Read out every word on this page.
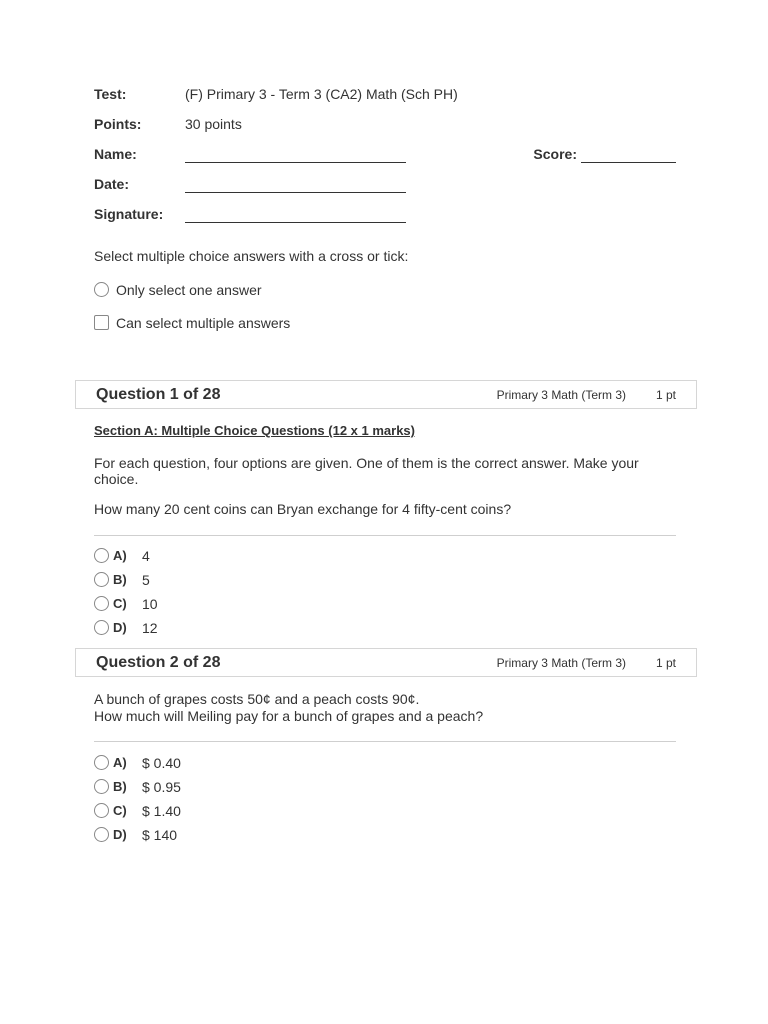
Test:	(F) Primary 3 - Term 3 (CA2) Math (Sch PH)
Points:	30 points
Name:	Score:
Date:
Signature:
Select multiple choice answers with a cross or tick:
Only select one answer
Can select multiple answers
Question 1 of 28	Primary 3 Math (Term 3) 1 pt
Section A: Multiple Choice Questions (12 x 1 marks)
For each question, four options are given. One of them is the correct answer. Make your choice.
How many 20 cent coins can Bryan exchange for 4 fifty-cent coins?
A) 4
B) 5
C) 10
D) 12
Question 2 of 28	Primary 3 Math (Term 3) 1 pt
A bunch of grapes costs 50¢ and a peach costs 90¢.
How much will Meiling pay for a bunch of grapes and a peach?
A) $ 0.40
B) $ 0.95
C) $ 1.40
D) $ 140
